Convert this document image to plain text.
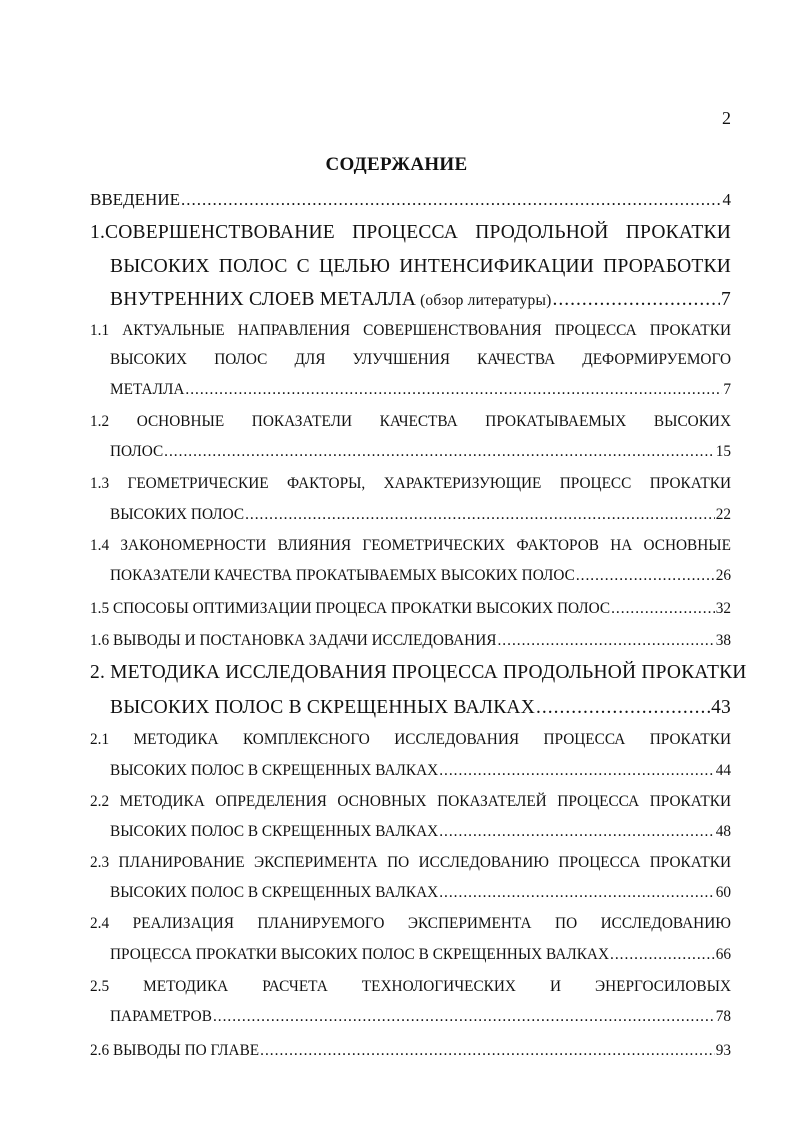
2
СОДЕРЖАНИЕ
ВВЕДЕНИЕ .....	4
1.СОВЕРШЕНСТВОВАНИЕ ПРОЦЕССА ПРОДОЛЬНОЙ ПРОКАТКИ
ВЫСОКИХ ПОЛОС С ЦЕЛЬЮ ИНТЕНСИФИКАЦИИ ПРОРАБОТКИ
ВНУТРЕННИХ СЛОЕВ МЕТАЛЛА (обзор литературы) .....	7
1.1 АКТУАЛЬНЫЕ НАПРАВЛЕНИЯ СОВЕРШЕНСТВОВАНИЯ ПРОЦЕССА ПРОКАТКИ
ВЫСОКИХ ПОЛОС ДЛЯ УЛУЧШЕНИЯ КАЧЕСТВА ДЕФОРМИРУЕМОГО
МЕТАЛЛА .....	7
1.2 ОСНОВНЫЕ ПОКАЗАТЕЛИ КАЧЕСТВА ПРОКАТЫВАЕМЫХ ВЫСОКИХ
ПОЛОС .....	15
1.3 ГЕОМЕТРИЧЕСКИЕ ФАКТОРЫ, ХАРАКТЕРИЗУЮЩИЕ ПРОЦЕСС ПРОКАТКИ
ВЫСОКИХ ПОЛОС .....	22
1.4 ЗАКОНОМЕРНОСТИ ВЛИЯНИЯ ГЕОМЕТРИЧЕСКИХ ФАКТОРОВ НА ОСНОВНЫЕ
ПОКАЗАТЕЛИ КАЧЕСТВА ПРОКАТЫВАЕМЫХ ВЫСОКИХ ПОЛОС .....	26
1.5 СПОСОБЫ ОПТИМИЗАЦИИ ПРОЦЕСА ПРОКАТКИ ВЫСОКИХ ПОЛОС .....	32
1.6 ВЫВОДЫ И ПОСТАНОВКА ЗАДАЧИ ИССЛЕДОВАНИЯ .....	38
2. МЕТОДИКА ИССЛЕДОВАНИЯ ПРОЦЕССА ПРОДОЛЬНОЙ ПРОКАТКИ
ВЫСОКИХ ПОЛОС В СКРЕЩЕННЫХ ВАЛКАХ .....	43
2.1 МЕТОДИКА КОМПЛЕКСНОГО ИССЛЕДОВАНИЯ ПРОЦЕССА ПРОКАТКИ
ВЫСОКИХ ПОЛОС В СКРЕЩЕННЫХ ВАЛКАХ .....	44
2.2 МЕТОДИКА ОПРЕДЕЛЕНИЯ ОСНОВНЫХ ПОКАЗАТЕЛЕЙ ПРОЦЕССА ПРОКАТКИ
ВЫСОКИХ ПОЛОС В СКРЕЩЕННЫХ ВАЛКАХ .....	48
2.3 ПЛАНИРОВАНИЕ ЭКСПЕРИМЕНТА ПО ИССЛЕДОВАНИЮ ПРОЦЕССА ПРОКАТКИ
ВЫСОКИХ ПОЛОС В СКРЕЩЕННЫХ ВАЛКАХ .....	60
2.4 РЕАЛИЗАЦИЯ ПЛАНИРУЕМОГО ЭКСПЕРИМЕНТА ПО ИССЛЕДОВАНИЮ
ПРОЦЕССА ПРОКАТКИ ВЫСОКИХ ПОЛОС В СКРЕЩЕННЫХ ВАЛКАХ .....	66
2.5 МЕТОДИКА РАСЧЕТА ТЕХНОЛОГИЧЕСКИХ И ЭНЕРГОСИЛОВЫХ
ПАРАМЕТРОВ .....	78
2.6 ВЫВОДЫ ПО ГЛАВЕ .....	93
